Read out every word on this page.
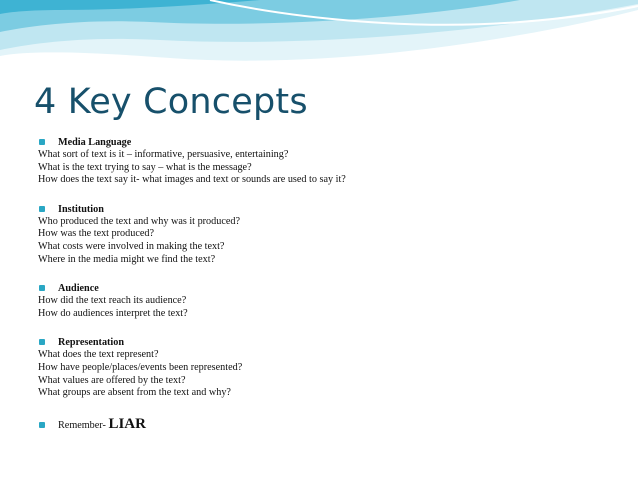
4 Key Concepts
Media Language
What sort of text is it – informative, persuasive, entertaining?
What is the text trying to say – what is the message?
How does the text say it- what images and text or sounds are used to say it?
Institution
Who produced the text and why was it produced?
How was the text produced?
What costs were involved in making the text?
Where in the media might we find the text?
Audience
How did the text reach its audience?
How do audiences interpret the text?
Representation
What does the text represent?
How have people/places/events been represented?
What values are offered by the text?
What groups are absent from the text and why?
Remember- LIAR
